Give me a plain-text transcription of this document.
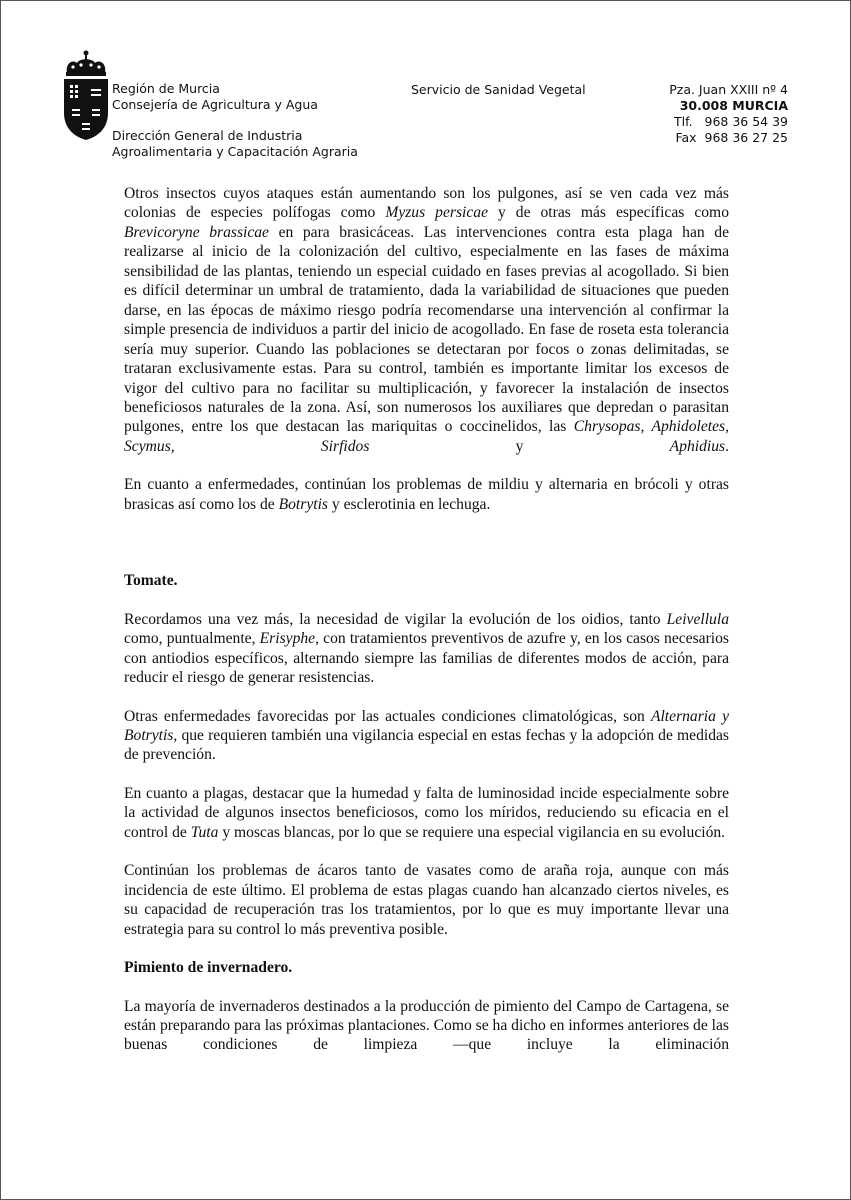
Región de Murcia
Consejería de Agricultura y Agua
Dirección General de Industria
Agroalimentaria y Capacitación Agraria
Servicio de Sanidad Vegetal	Pza. Juan XXIII nº 4
30.008 MURCIA
Tlf.   968 36 54 39
Fax  968 36 27 25

Otros insectos cuyos ataques están aumentando son los pulgones, así se ven cada vez más colonias de especies polífogas como Myzus persicae y de otras más específicas como Brevicoryne brassicae en para brasicáceas. Las intervenciones contra esta plaga han de realizarse al inicio de la colonización del cultivo, especialmente en las fases de máxima sensibilidad de las plantas, teniendo un especial cuidado en fases previas al acogollado. Si bien es difícil determinar un umbral de tratamiento, dada la variabilidad de situaciones que pueden darse, en las épocas de máximo riesgo podría recomendarse una intervención al confirmar la simple presencia de individuos a partir del inicio de acogollado. En fase de roseta esta tolerancia sería muy superior. Cuando las poblaciones se detectaran por focos o zonas delimitadas, se trataran exclusivamente estas. Para su control, también es importante limitar los excesos de vigor del cultivo para no facilitar su multiplicación, y favorecer la instalación de insectos beneficiosos naturales de la zona. Así, son numerosos los auxiliares que depredan o parasitan pulgones, entre los que destacan las mariquitas o coccinelidos, las Chrysopas, Aphidoletes, Scymus, Sirfidos y Aphidius.

En cuanto a enfermedades, continúan los problemas de mildiu y alternaria en brócoli y otras brasicas así como los de Botrytis y esclerotinia en lechuga.

Tomate.

Recordamos una vez más, la necesidad de vigilar la evolución de los oidios, tanto Leivellula como, puntualmente, Erisyphe, con tratamientos preventivos de azufre y, en los casos necesarios con antiodios específicos, alternando siempre las familias de diferentes modos de acción, para reducir el riesgo de generar resistencias.

Otras enfermedades favorecidas por las actuales condiciones climatológicas, son Alternaria y Botrytis, que requieren también una vigilancia especial en estas fechas y la adopción de medidas de prevención.

En cuanto a plagas, destacar que la humedad y falta de luminosidad incide especialmente sobre la actividad de algunos insectos beneficiosos, como los míridos, reduciendo su eficacia en el control de Tuta y moscas blancas, por lo que se requiere una especial vigilancia en su evolución.

Continúan los problemas de ácaros tanto de vasates como de araña roja, aunque con más incidencia de este último. El problema de estas plagas cuando han alcanzado ciertos niveles, es su capacidad de recuperación tras los tratamientos, por lo que es muy importante llevar una estrategia para su control lo más preventiva posible.

Pimiento de invernadero.

La mayoría de invernaderos destinados a la producción de pimiento del Campo de Cartagena, se están preparando para las próximas plantaciones. Como se ha dicho en informes anteriores de las buenas condiciones de limpieza —que incluye la eliminación
